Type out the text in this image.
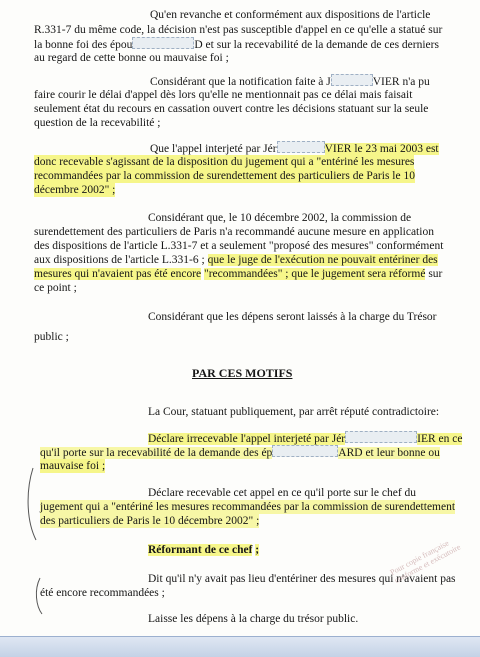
Qu'en revanche et conformément aux dispositions de l'article
R.331-7 du même code, la décision n'est pas susceptible d'appel en ce qu'elle a statué sur
la bonne foi des épou	D et sur la recevabilité de la demande de ces derniers
au regard de cette bonne ou mauvaise foi ;
Considérant que la notification faite à J	VIER n'a pu
faire courir le délai d'appel dès lors qu'elle ne mentionnait pas ce délai mais faisait
seulement état du recours en cassation ouvert contre les décisions statuant sur la seule
question de la recevabilité ;
Que l'appel interjeté par Jér	VIER le 23 mai 2003 est
donc recevable s'agissant de la disposition du jugement qui a "entériné les mesures
recommandées par la commission de surendettement des particuliers de Paris le 10
décembre 2002" ;
Considérant que, le 10 décembre 2002, la commission de
surendettement des particuliers de Paris n'a recommandé aucune mesure en application
des dispositions de l'article L.331-7 et a seulement "proposé des mesures" conformément
aux dispositions de l'article L.331-6 ; que le juge de l'exécution ne pouvait entériner des
mesures qui n'avaient pas été encore "recommandées" ; que le jugement sera réformé sur
ce point ;
Considérant que les dépens seront laissés à la charge du Trésor
public ;
PAR CES MOTIFS
La Cour, statuant publiquement, par arrêt réputé contradictoire:
Déclare irrecevable l'appel interjeté par Jér	IER en ce
qu'il porte sur la recevabilité de la demande des ép	ARD et leur bonne ou
mauvaise foi ;
Déclare recevable cet appel en ce qu'il porte sur le chef du
jugement qui a "entériné les mesures recommandées par la commission de surendettement
des particuliers de Paris le 10 décembre 2002" ;
Réformant de ce chef ;
Dit qu'il n'y avait pas lieu d'entériner des mesures qui n'avaient pas
été encore recommandées ;
Laisse les dépens à la charge du trésor public.
Pour copie française conforme et exécutoire
